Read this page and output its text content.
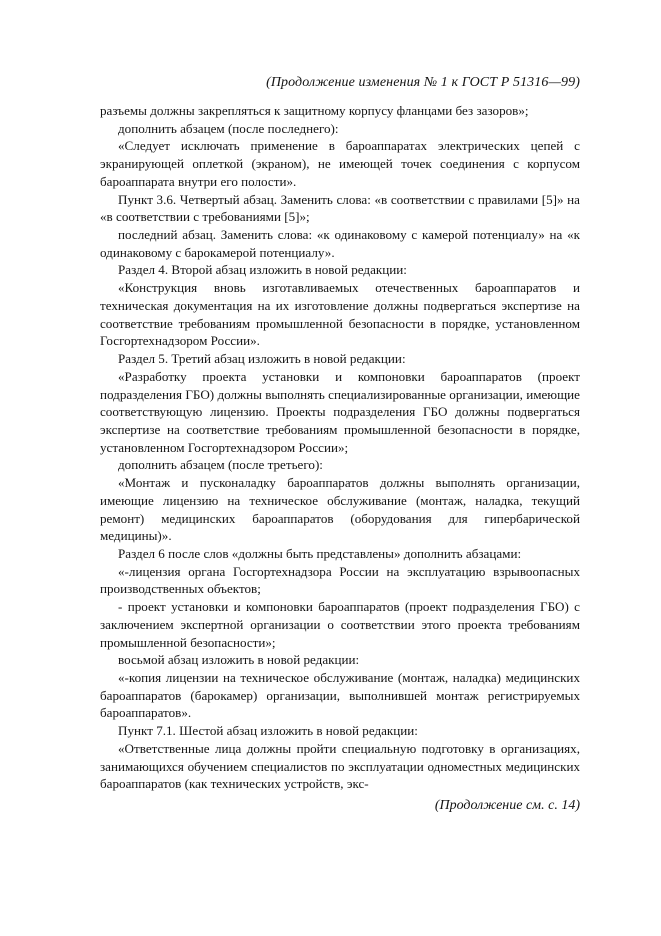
(Продолжение изменения № 1 к ГОСТ Р 51316—99)

разъемы должны закрепляться к защитному корпусу фланцами без зазоров»;

дополнить абзацем (после последнего):

«Следует исключать применение в бароаппаратах электрических цепей с экранирующей оплеткой (экраном), не имеющей точек соединения с корпусом бароаппарата внутри его полости».

Пункт 3.6. Четвертый абзац. Заменить слова: «в соответствии с правилами [5]» на «в соответствии с требованиями [5]»;

последний абзац. Заменить слова: «к одинаковому с камерой потенциалу» на «к одинаковому с барокамерой потенциалу».

Раздел 4. Второй абзац изложить в новой редакции:

«Конструкция вновь изготавливаемых отечественных бароаппаратов и техническая документация на их изготовление должны подвергаться экспертизе на соответствие требованиям промышленной безопасности в порядке, установленном Госгортехнадзором России».

Раздел 5. Третий абзац изложить в новой редакции:

«Разработку проекта установки и компоновки бароаппаратов (проект подразделения ГБО) должны выполнять специализированные организации, имеющие соответствующую лицензию. Проекты подразделения ГБО должны подвергаться экспертизе на соответствие требованиям промышленной безопасности в порядке, установленном Госгортехнадзором России»;

дополнить абзацем (после третьего):

«Монтаж и пусконаладку бароаппаратов должны выполнять организации, имеющие лицензию на техническое обслуживание (монтаж, наладка, текущий ремонт) медицинских бароаппаратов (оборудования для гипербарической медицины)».

Раздел 6 после слов «должны быть представлены» дополнить абзацами:

«-лицензия органа Госгортехнадзора России на эксплуатацию взрывоопасных производственных объектов;

- проект установки и компоновки бароаппаратов (проект подразделения ГБО) с заключением экспертной организации о соответствии этого проекта требованиям промышленной безопасности»;

восьмой абзац изложить в новой редакции:

«-копия лицензии на техническое обслуживание (монтаж, наладка) медицинских бароаппаратов (барокамер) организации, выполнившей монтаж регистрируемых бароаппаратов».

Пункт 7.1. Шестой абзац изложить в новой редакции:

«Ответственные лица должны пройти специальную подготовку в организациях, занимающихся обучением специалистов по эксплуатации одноместных медицинских бароаппаратов (как технических устройств, экс-

(Продолжение см. с. 14)
